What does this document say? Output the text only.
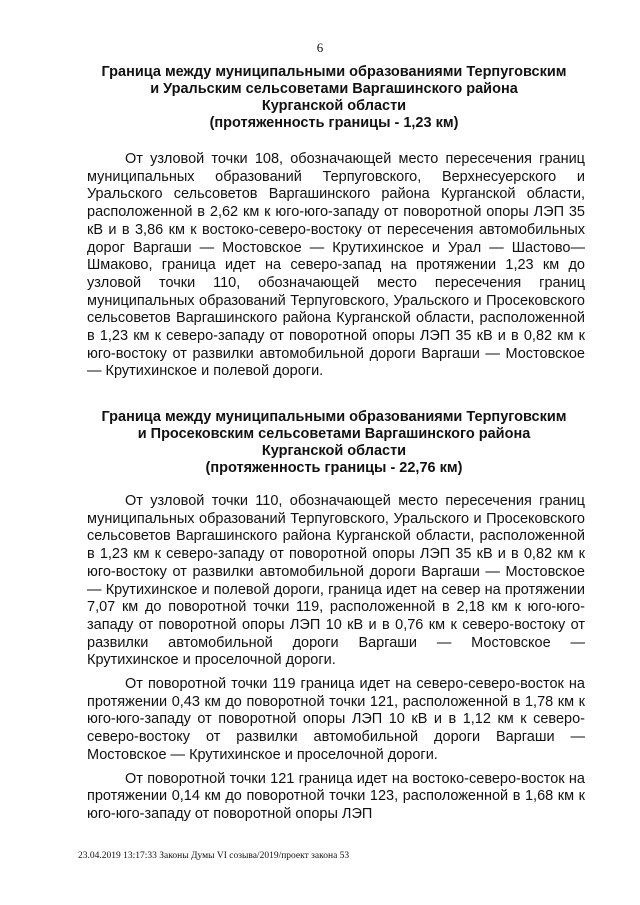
6
Граница между муниципальными образованиями Терпуговским
и Уральским сельсоветами Варгашинского района
Курганской области
(протяженность границы - 1,23 км)

От узловой точки 108, обозначающей место пересечения границ муниципальных образований Терпуговского, Верхнесуерского и Уральского сельсоветов Варгашинского района Курганской области, расположенной в 2,62 км к юго-юго-западу от поворотной опоры ЛЭП 35 кВ и в 3,86 км к востоко-северо-востоку от пересечения автомобильных дорог Варгаши — Мостовское — Крутихинское и Урал — Шастово—Шмаково, граница идет на северо-запад на протяжении 1,23 км до узловой точки 110, обозначающей место пересечения границ муниципальных образований Терпуговского, Уральского и Просековского сельсоветов Варгашинского района Курганской области, расположенной в 1,23 км к северо-западу от поворотной опоры ЛЭП 35 кВ и в 0,82 км к юго-востоку от развилки автомобильной дороги Варгаши — Мостовское — Крутихинское и полевой дороги.

Граница между муниципальными образованиями Терпуговским
и Просековским сельсоветами Варгашинского района
Курганской области
(протяженность границы - 22,76 км)

От узловой точки 110, обозначающей место пересечения границ муниципальных образований Терпуговского, Уральского и Просековского сельсоветов Варгашинского района Курганской области, расположенной в 1,23 км к северо-западу от поворотной опоры ЛЭП 35 кВ и в 0,82 км к юго-востоку от развилки автомобильной дороги Варгаши — Мостовское — Крутихинское и полевой дороги, граница идет на север на протяжении 7,07 км до поворотной точки 119, расположенной в 2,18 км к юго-юго-западу от поворотной опоры ЛЭП 10 кВ и в 0,76 км к северо-востоку от развилки автомобильной дороги Варгаши — Мостовское — Крутихинское и проселочной дороги.

От поворотной точки 119 граница идет на северо-северо-восток на протяжении 0,43 км до поворотной точки 121, расположенной в 1,78 км к юго-юго-западу от поворотной опоры ЛЭП 10 кВ и в 1,12 км к северо-северо-востоку от развилки автомобильной дороги Варгаши — Мостовское — Крутихинское и проселочной дороги.

От поворотной точки 121 граница идет на востоко-северо-восток на протяжении 0,14 км до поворотной точки 123, расположенной в 1,68 км к юго-юго-западу от поворотной опоры ЛЭП

23.04.2019 13:17:33 Законы Думы VI созыва/2019/проект закона 53
